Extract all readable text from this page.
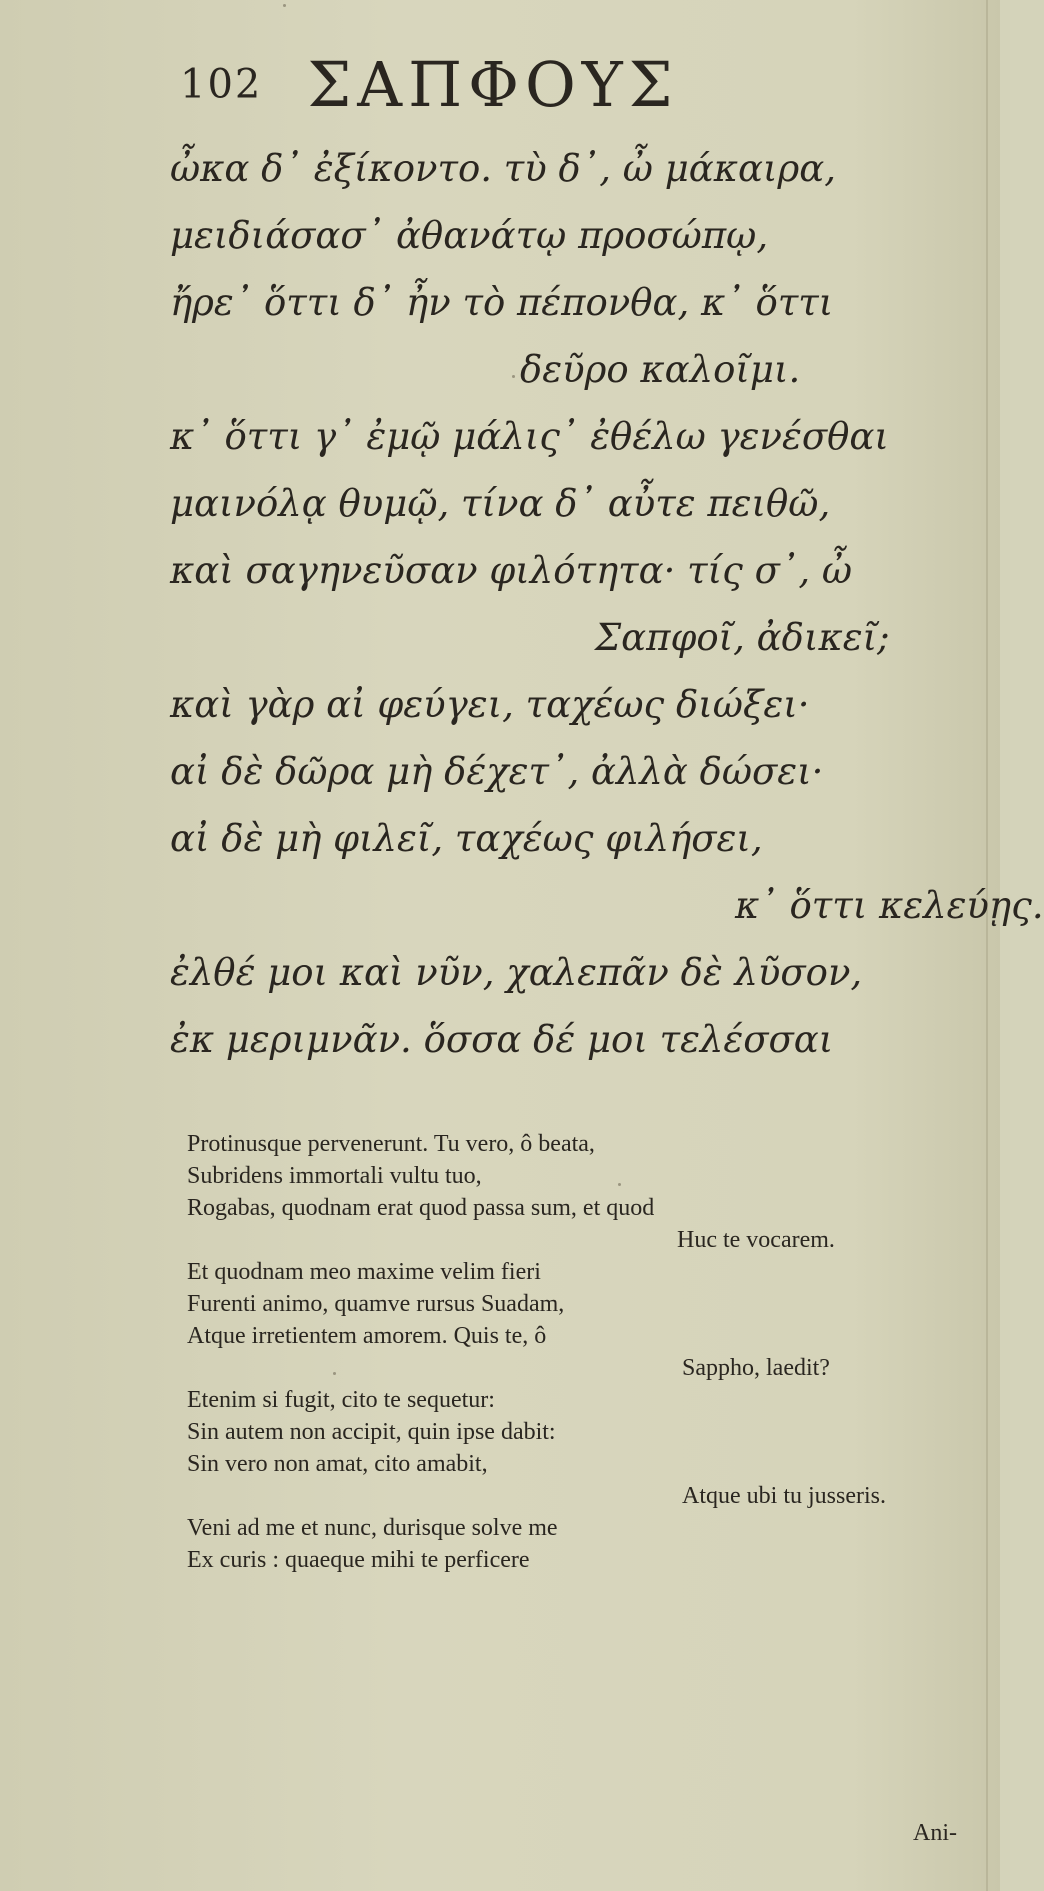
102 ΣΑΠΦΟΥΣ
ὦκα δ᾽ ἐξίκοντο. τὺ δ᾽, ὦ μάκαιρα,
μειδιάσασ᾽ ἀθανάτῳ προσώπῳ,
ἤρε᾽ ὅττι δ᾽ ἦν τὸ πέπονθα, κ᾽ ὅττι
δεῦρο καλοῖμι.
κ᾽ ὅττι γ᾽ ἐμῷ μάλις᾽ ἐθέλω γενέσθαι
μαινόλᾳ θυμῷ, τίνα δ᾽ αὖτε πειθῶ,
καὶ σαγηνεῦσαν φιλότητα· τίς σ᾽, ὦ
Σαπφοῖ, ἀδικεῖ;
καὶ γὰρ αἰ φεύγει, ταχέως διώξει·
αἰ δὲ δῶρα μὴ δέχετ᾽, ἀλλὰ δώσει·
αἰ δὲ μὴ φιλεῖ, ταχέως φιλήσει,
κ᾽ ὅττι κελεύῃς.
ἐλθέ μοι καὶ νῦν, χαλεπᾶν δὲ λῦσον,
ἐκ μεριμνᾶν. ὅσσα δέ μοι τελέσσαι
Protinusque pervenerunt. Tu vero, ô beata,
Subridens immortali vultu tuo,
Rogabas, quodnam erat quod passa sum, et quod
Huc te vocarem.
Et quodnam meo maxime velim fieri
Furenti animo, quamve rursus Suadam,
Atque irretientem amorem. Quis te, ô
Sappho, laedit?
Etenim si fugit, cito te sequetur:
Sin autem non accipit, quin ipse dabit:
Sin vero non amat, cito amabit,
Atque ubi tu jusseris.
Veni ad me et nunc, durisque solve me
Ex curis : quaeque mihi te perficere
Ani-
